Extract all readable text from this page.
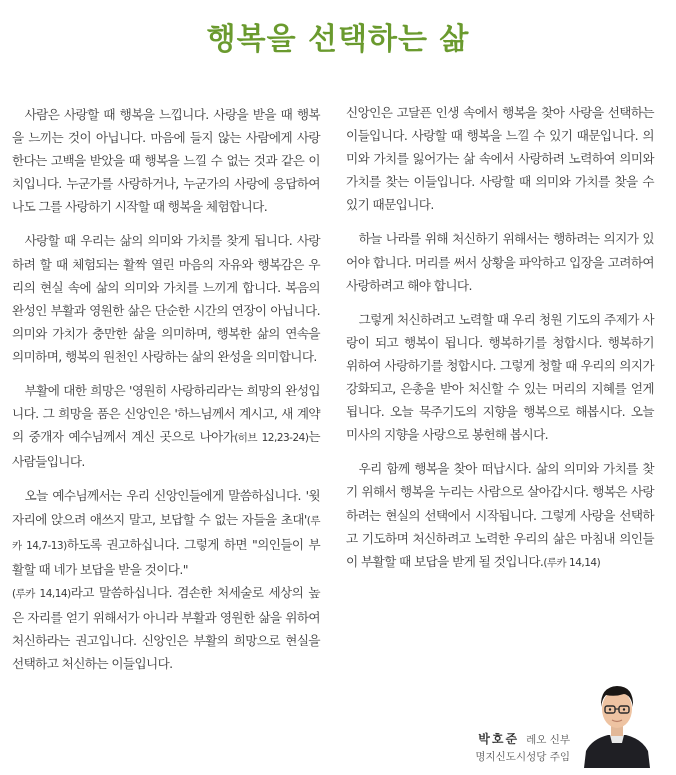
행복을 선택하는 삶

사람은 사랑할 때 행복을 느낍니다. 사랑을 받을 때 행복을 느끼는 것이 아닙니다. 마음에 들지 않는 사람에게 사랑한다는 고백을 받았을 때 행복을 느낄 수 없는 것과 같은 이치입니다. 누군가를 사랑하거나, 누군가의 사랑에 응답하여 나도 그를 사랑하기 시작할 때 행복을 체험합니다.

사랑할 때 우리는 삶의 의미와 가치를 찾게 됩니다. 사랑하려 할 때 체험되는 활짝 열린 마음의 자유와 행복감은 우리의 현실 속에 삶의 의미와 가치를 느끼게 합니다. 복음의 완성인 부활과 영원한 삶은 단순한 시간의 연장이 아닙니다. 의미와 가치가 충만한 삶을 의미하며, 행복한 삶의 연속을 의미하며, 행복의 원천인 사랑하는 삶의 완성을 의미합니다.

부활에 대한 희망은 '영원히 사랑하리라'는 희망의 완성입니다. 그 희망을 품은 신앙인은 '하느님께서 계시고, 새 계약의 중개자 예수님께서 계신 곳으로 나아가(히브 12,23-24)는 사람들입니다.

오늘 예수님께서는 우리 신앙인들에게 말씀하십니다. '윗자리에 앉으려 애쓰지 말고, 보답할 수 없는 자들을 초대'(루카 14,7-13)하도록 권고하십니다. 그렇게 하면 "의인들이 부활할 때 네가 보답을 받을 것이다."
(루카 14,14)라고 말씀하십니다. 겸손한 처세술로 세상의 높은 자리를 얻기 위해서가 아니라 부활과 영원한 삶을 위하여 처신하라는 권고입니다. 신앙인은 부활의 희망으로 현실을 선택하고 처신하는 이들입니다.

신앙인은 고달픈 인생 속에서 행복을 찾아 사랑을 선택하는 이들입니다. 사랑할 때 행복을 느낄 수 있기 때문입니다. 의미와 가치를 잃어가는 삶 속에서 사랑하려 노력하여 의미와 가치를 찾는 이들입니다. 사랑할 때 의미와 가치를 찾을 수 있기 때문입니다.

하늘 나라를 위해 처신하기 위해서는 행하려는 의지가 있어야 합니다. 머리를 써서 상황을 파악하고 입장을 고려하여 사랑하려고 해야 합니다.

그렇게 처신하려고 노력할 때 우리 청원 기도의 주제가 사랑이 되고 행복이 됩니다. 행복하기를 청합시다. 행복하기 위하여 사랑하기를 청합시다. 그렇게 청할 때 우리의 의지가 강화되고, 은총을 받아 처신할 수 있는 머리의 지혜를 얻게 됩니다. 오늘 묵주기도의 지향을 행복으로 해봅시다. 오늘 미사의 지향을 사랑으로 봉헌해 봅시다.

우리 함께 행복을 찾아 떠납시다. 삶의 의미와 가치를 찾기 위해서 행복을 누리는 사람으로 살아갑시다. 행복은 사랑하려는 현실의 선택에서 시작됩니다. 그렇게 사랑을 선택하고 기도하며 처신하려고 노력한 우리의 삶은 마침내 의인들이 부활할 때 보답을 받게 될 것입니다.(루카 14,14)

박호준 레오 신부
명지신도시성당 주임
